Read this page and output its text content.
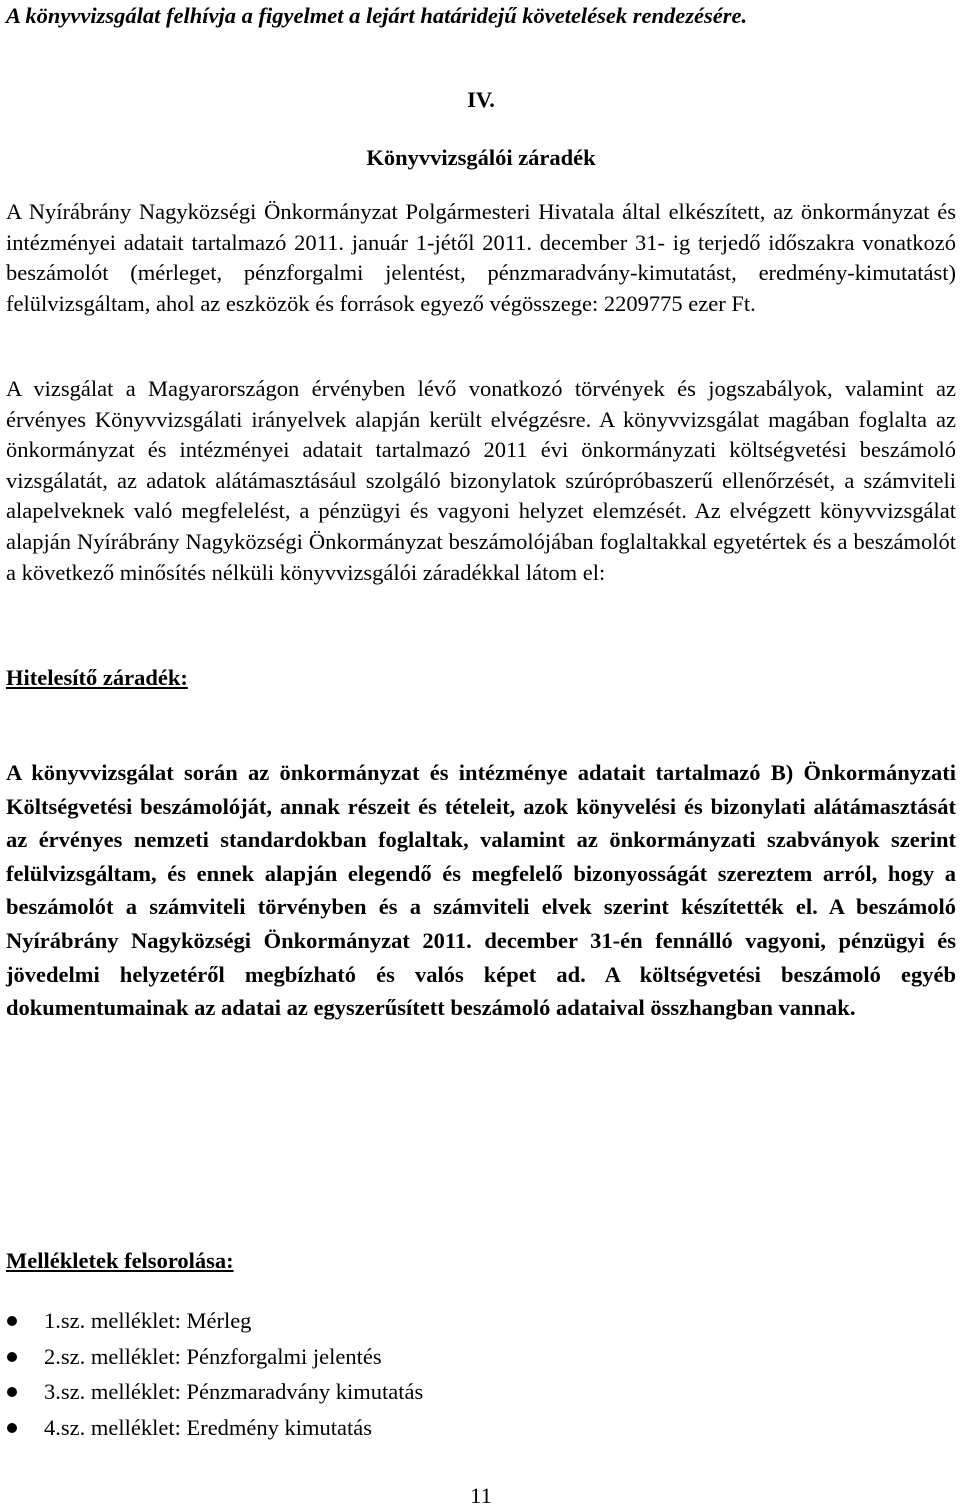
A könyvvizsgálat felhívja a figyelmet a lejárt határidejű követelések rendezésére.

IV.

Könyvvizsgálói záradék

A Nyírábrány Nagyközségi Önkormányzat Polgármesteri Hivatala által elkészített, az önkormányzat és intézményei adatait tartalmazó 2011. január 1-jétől 2011. december 31- ig terjedő időszakra vonatkozó beszámolót (mérleget, pénzforgalmi jelentést, pénzmaradvány-kimutatást, eredmény-kimutatást) felülvizsgáltam, ahol az eszközök és források egyező végösszege: 2209775 ezer Ft.

A vizsgálat a Magyarországon érvényben lévő vonatkozó törvények és jogszabályok, valamint az érvényes Könyvvizsgálati irányelvek alapján került elvégzésre. A könyvvizsgálat magában foglalta az önkormányzat és intézményei adatait tartalmazó 2011 évi önkormányzati költségvetési beszámoló vizsgálatát, az adatok alátámasztásául szolgáló bizonylatok szúrópróbaszerű ellenőrzését, a számviteli alapelveknek való megfelelést, a pénzügyi és vagyoni helyzet elemzését. Az elvégzett könyvvizsgálat alapján Nyírábrány Nagyközségi Önkormányzat beszámolójában foglaltakkal egyetértek és a beszámolót a következő minősítés nélküli könyvvizsgálói záradékkal látom el:

Hitelesítő záradék:

A könyvvizsgálat során az önkormányzat és intézménye adatait tartalmazó B) Önkormányzati Költségvetési beszámolóját, annak részeit és tételeit, azok könyvelési és bizonylati alátámasztását az érvényes nemzeti standardokban foglaltak, valamint az önkormányzati szabványok szerint felülvizsgáltam, és ennek alapján elegendő és megfelelő bizonyosságát szereztem arról, hogy a beszámolót a számviteli törvényben és a számviteli elvek szerint készítették el. A beszámoló Nyírábrány Nagyközségi Önkormányzat 2011. december 31-én fennálló vagyoni, pénzügyi és jövedelmi helyzetéről megbízható és valós képet ad. A költségvetési beszámoló egyéb dokumentumainak az adatai az egyszerűsített beszámoló adataival összhangban vannak.

Mellékletek felsorolása:

1.sz. melléklet: Mérleg
2.sz. melléklet: Pénzforgalmi jelentés
3.sz. melléklet: Pénzmaradvány kimutatás
4.sz. melléklet: Eredmény kimutatás

11
